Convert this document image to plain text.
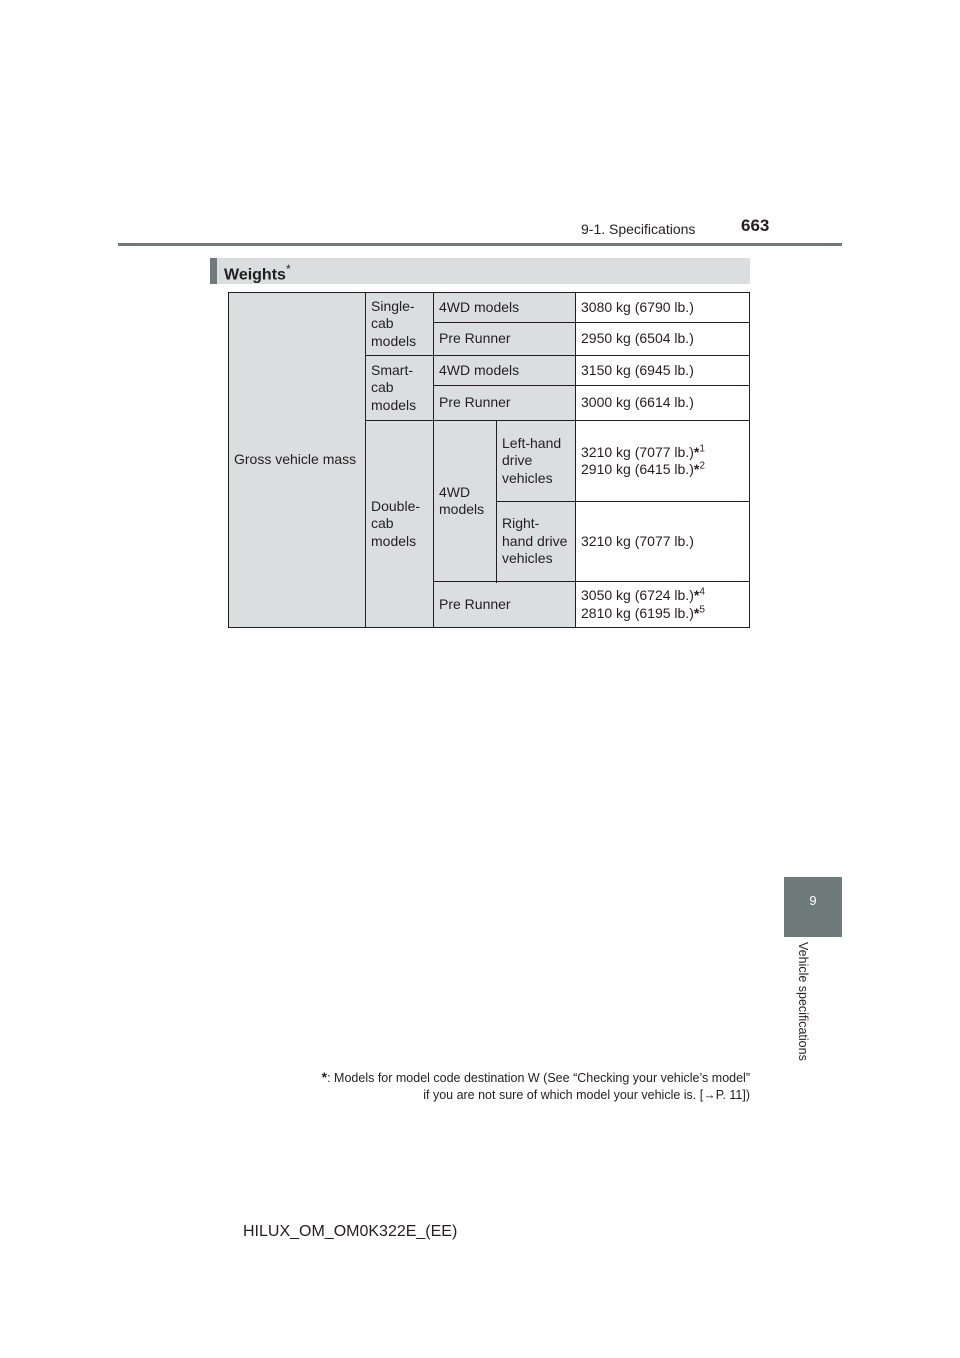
9-1. Specifications	663
9
Vehicle specifications
Weights*
Gross vehicle mass	Single-cab models	4WD models		3080 kg (6790 lb.)
		Pre Runner		2950 kg (6504 lb.)
	Smart-cab models	4WD models		3150 kg (6945 lb.)
		Pre Runner		3000 kg (6614 lb.)
	Double-cab models	4WD models	Left-hand drive vehicles	3210 kg (7077 lb.)*$^1$
2910 kg (6415 lb.)*$^2$

			Right-hand drive vehicles	3210 kg (7077 lb.)

		Pre Runner		3050 kg (6724 lb.)*$^4$
2810 kg (6195 lb.)*$^5$
*: Models for model code destination W (See “Checking your vehicle’s model”
if you are not sure of which model your vehicle is. [→P. 11])
HILUX_OM_OM0K322E_(EE)
